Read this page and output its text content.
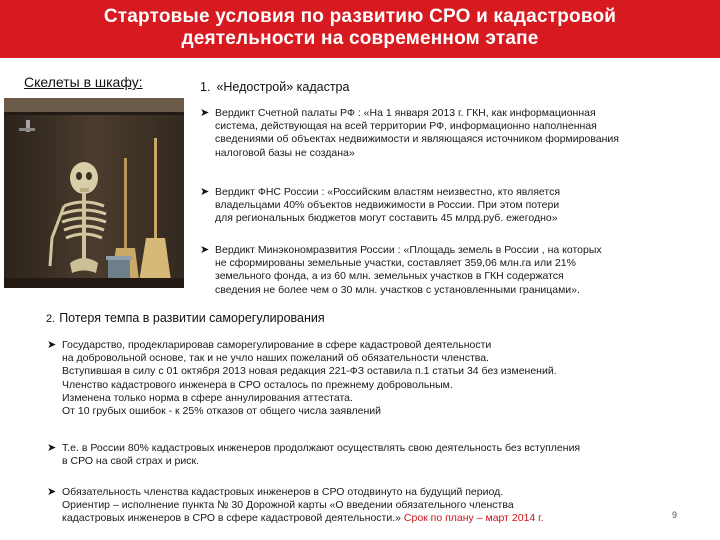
Стартовые условия по развитию СРО и кадастровой
деятельности на современном этапе
Скелеты в шкафу:	1. «Недострой» кадастра
➤ Вердикт Счетной палаты РФ : «На 1 января 2013 г. ГКН, как информационная
система, действующая на всей территории РФ, информационно наполненная
сведениями об объектах недвижимости и являющаяся источником формирования
налоговой базы не создана»
➤ Вердикт ФНС России : «Российским властям неизвестно, кто является
владельцами 40% объектов недвижимости в России. При этом потери
для региональных бюджетов могут составить 45 млрд.руб. ежегодно»
➤ Вердикт Минэкономразвития России : «Площадь земель в России , на которых
не сформированы земельные участки, составляет 359,06 млн.га или 21%
земельного фонда, а из 60 млн. земельных участков в ГКН содержатся
сведения не более чем о 30 млн. участков с установленными границами».
2. Потеря темпа в развитии саморегулирования
➤ Государство, продекларировав саморегулирование в сфере кадастровой деятельности
на добровольной основе, так и не учло наших пожеланий об обязательности членства.
Вступившая в силу с 01 октября 2013 новая редакция 221-ФЗ оставила п.1 статьи 34 без изменений.
Членство кадастрового инженера в СРО осталось по прежнему добровольным.
Изменена только норма в сфере аннулирования аттестата.
От 10 грубых ошибок - к 25% отказов от общего числа заявлений
➤ Т.е. в России 80% кадастровых инженеров продолжают осуществлять свою деятельность без вступления
в СРО на свой страх и риск.
➤ Обязательность членства кадастровых инженеров в СРО отодвинуто на будущий период.
Ориентир – исполнение пункта № 30 Дорожной карты «О введении обязательного членства
кадастровых инженеров в СРО в сфере кадастровой деятельности.» Срок по плану – март 2014 г.	9
